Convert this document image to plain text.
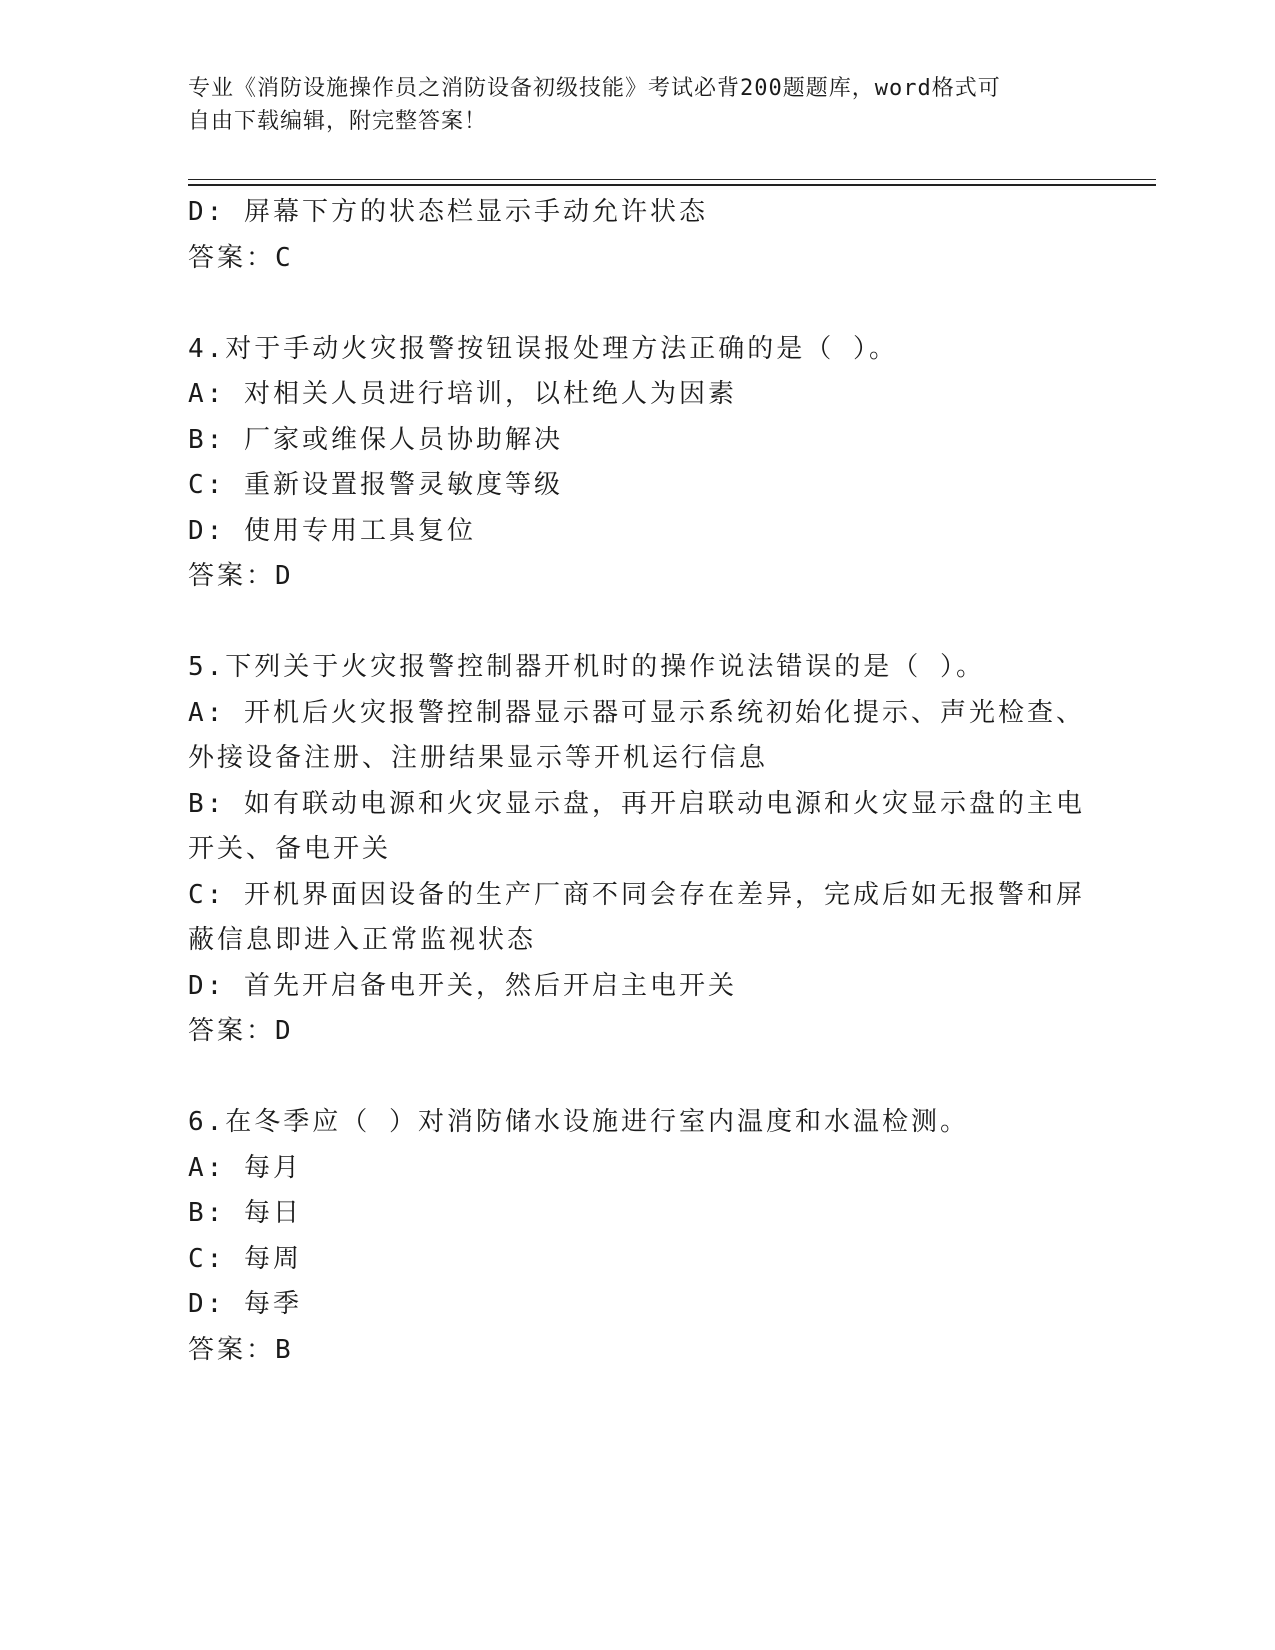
专业《消防设施操作员之消防设备初级技能》考试必背200题题库，word格式可
自由下载编辑，附完整答案！
D: 屏幕下方的状态栏显示手动允许状态
答案：C
4.对于手动火灾报警按钮误报处理方法正确的是（ ）。
A: 对相关人员进行培训，以杜绝人为因素
B: 厂家或维保人员协助解决
C: 重新设置报警灵敏度等级
D: 使用专用工具复位
答案：D
5.下列关于火灾报警控制器开机时的操作说法错误的是（ ）。
A: 开机后火灾报警控制器显示器可显示系统初始化提示、声光检查、
外接设备注册、注册结果显示等开机运行信息
B: 如有联动电源和火灾显示盘，再开启联动电源和火灾显示盘的主电
开关、备电开关
C: 开机界面因设备的生产厂商不同会存在差异，完成后如无报警和屏
蔽信息即进入正常监视状态
D: 首先开启备电开关，然后开启主电开关
答案：D
6.在冬季应（ ）对消防储水设施进行室内温度和水温检测。
A: 每月
B: 每日
C: 每周
D: 每季
答案：B
